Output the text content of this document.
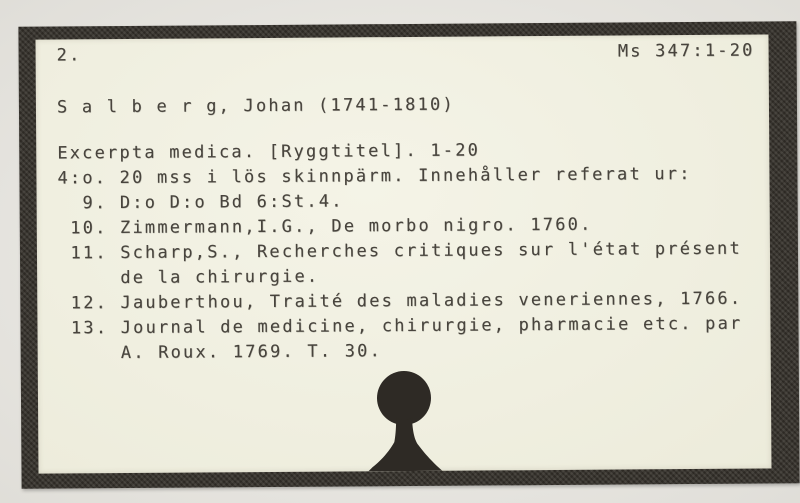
2.	Ms 347:1-20
S a l b e r g, Johan (1741-1810)
Excerpta medica. [Ryggtitel]. 1-20
4:o. 20 mss i lös skinnpärm. Innehåller referat ur:
9. D:o D:o Bd 6:St.4.
10. Zimmermann,I.G., De morbo nigro. 1760.
11. Scharp,S., Recherches critiques sur l'état présent
de la chirurgie.
12. Jauberthou, Traité des maladies veneriennes, 1766.
13. Journal de medicine, chirurgie, pharmacie etc. par
A. Roux. 1769. T. 30.
